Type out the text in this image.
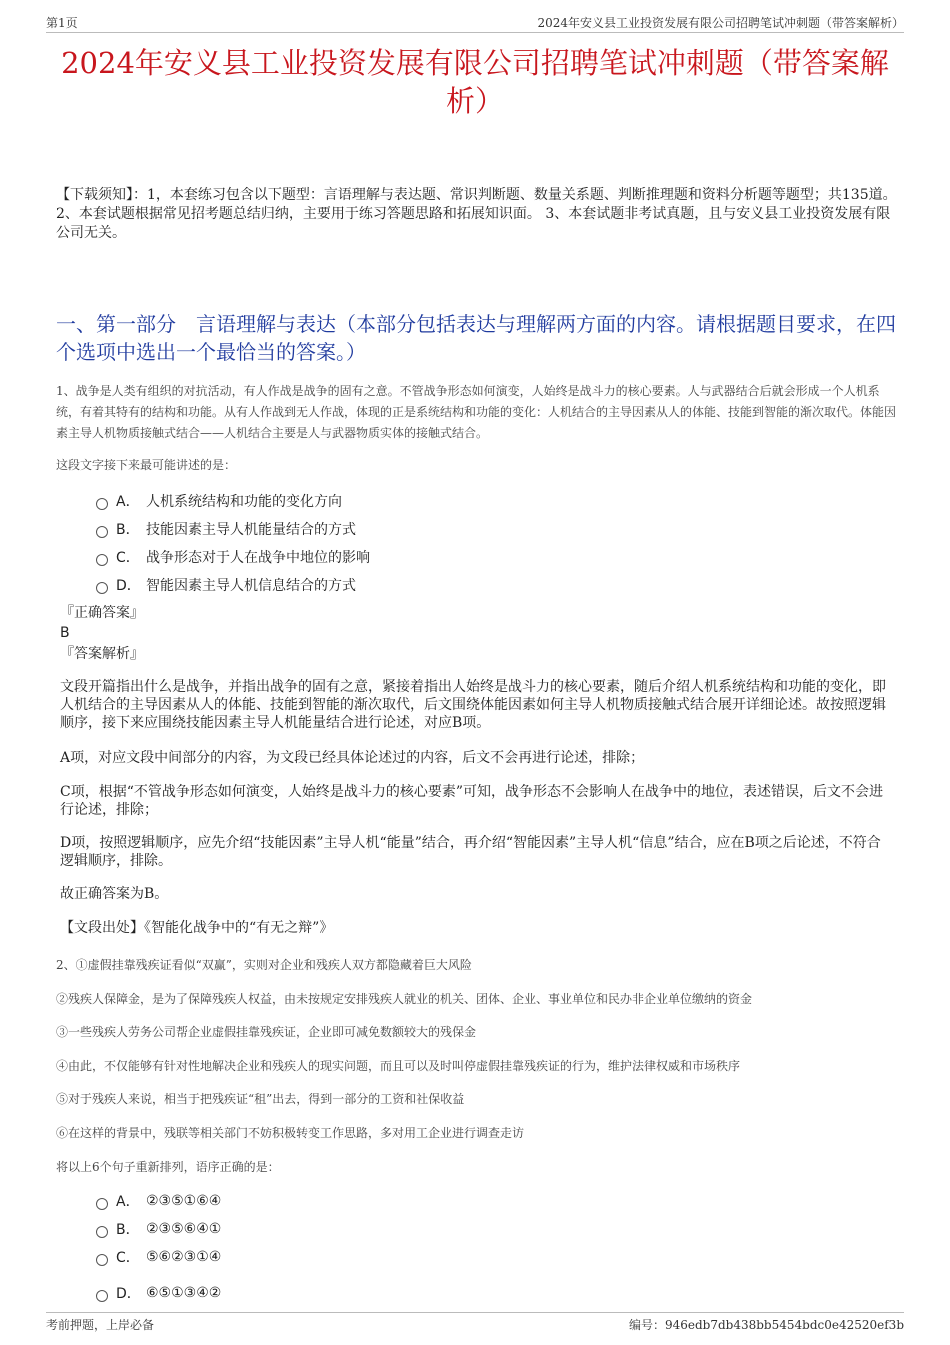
第1页	2024年安义县工业投资发展有限公司招聘笔试冲刺题（带答案解析）
2024年安义县工业投资发展有限公司招聘笔试冲刺题（带答案解析）
【下载须知】：1，本套练习包含以下题型：言语理解与表达题、常识判断题、数量关系题、判断推理题和资料分析题等题型；共135道。 2、本套试题根据常见招考题总结归纳，主要用于练习答题思路和拓展知识面。 3、本套试题非考试真题，且与安义县工业投资发展有限公司无关。
一、第一部分　言语理解与表达（本部分包括表达与理解两方面的内容。请根据题目要求，在四个选项中选出一个最恰当的答案。）
1、战争是人类有组织的对抗活动，有人作战是战争的固有之意。不管战争形态如何演变，人始终是战斗力的核心要素。人与武器结合后就会形成一个人机系统，有着其特有的结构和功能。从有人作战到无人作战，体现的正是系统结构和功能的变化：人机结合的主导因素从人的体能、技能到智能的渐次取代。体能因素主导人机物质接触式结合——人机结合主要是人与武器物质实体的接触式结合。
这段文字接下来最可能讲述的是：
A． 人机系统结构和功能的变化方向
B． 技能因素主导人机能量结合的方式
C． 战争形态对于人在战争中地位的影响
D． 智能因素主导人机信息结合的方式
『正确答案』
B
『答案解析』
文段开篇指出什么是战争，并指出战争的固有之意，紧接着指出人始终是战斗力的核心要素，随后介绍人机系统结构和功能的变化，即人机结合的主导因素从人的体能、技能到智能的渐次取代，后文围绕体能因素如何主导人机物质接触式结合展开详细论述。故按照逻辑顺序，接下来应围绕技能因素主导人机能量结合进行论述，对应B项。
A项，对应文段中间部分的内容，为文段已经具体论述过的内容，后文不会再进行论述，排除；
C项，根据“不管战争形态如何演变，人始终是战斗力的核心要素”可知，战争形态不会影响人在战争中的地位，表述错误，后文不会进行论述，排除；
D项，按照逻辑顺序，应先介绍“技能因素”主导人机“能量”结合，再介绍“智能因素”主导人机“信息”结合，应在B项之后论述，不符合逻辑顺序，排除。
故正确答案为B。
【文段出处】《智能化战争中的“有无之辩”》
2、①虚假挂靠残疾证看似“双赢”，实则对企业和残疾人双方都隐藏着巨大风险
②残疾人保障金，是为了保障残疾人权益，由未按规定安排残疾人就业的机关、团体、企业、事业单位和民办非企业单位缴纳的资金
③一些残疾人劳务公司帮企业虚假挂靠残疾证，企业即可减免数额较大的残保金
④由此，不仅能够有针对性地解决企业和残疾人的现实问题，而且可以及时叫停虚假挂靠残疾证的行为，维护法律权威和市场秩序
⑤对于残疾人来说，相当于把残疾证“租”出去，得到一部分的工资和社保收益
⑥在这样的背景中，残联等相关部门不妨积极转变工作思路，多对用工企业进行调查走访
将以上6个句子重新排列，语序正确的是：
A． ②③⑤①⑥④
B． ②③⑤⑥④①
C． ⑤⑥②③①④
D． ⑥⑤①③④②
考前押题，上岸必备	编号：946edb7db438bb5454bdc0e42520ef3b
